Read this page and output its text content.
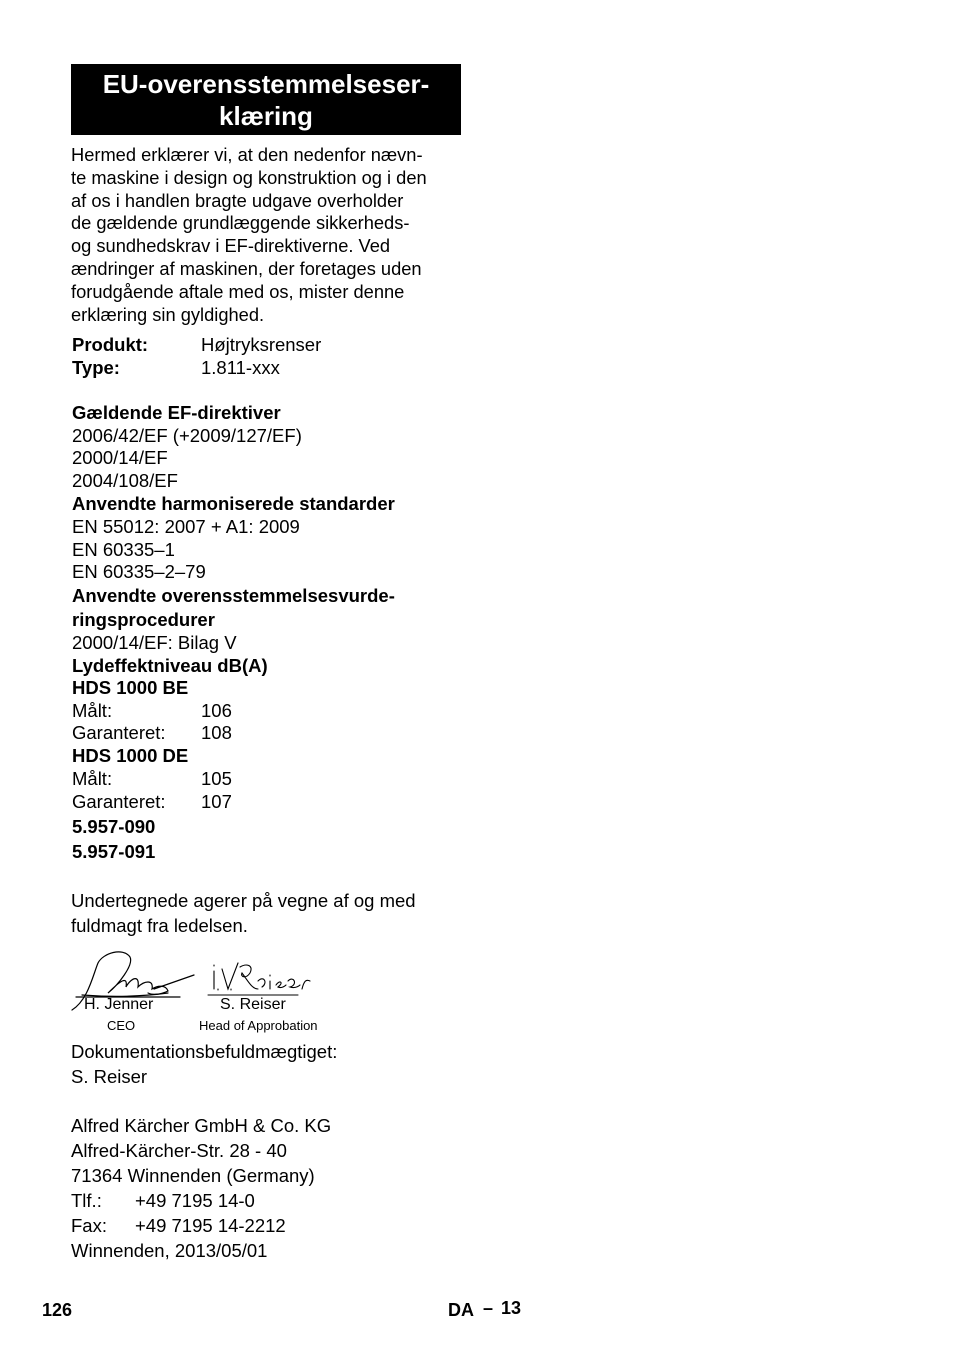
EU-overensstemmelseser-
klæring
Hermed erklærer vi, at den nedenfor nævn-
te maskine i design og konstruktion og i den
af os i handlen bragte udgave overholder
de gældende grundlæggende sikkerheds-
og sundhedskrav i EF-direktiverne. Ved
ændringer af maskinen, der foretages uden
forudgående aftale med os, mister denne
erklæring sin gyldighed.
Produkt:	Højtryksrenser
Type:	1.811-xxx
Gældende EF-direktiver
2006/42/EF (+2009/127/EF)
2000/14/EF
2004/108/EF
Anvendte harmoniserede standarder
EN 55012: 2007 + A1: 2009
EN 60335–1
EN 60335–2–79
Anvendte overensstemmelsesvurde-
ringsprocedurer
2000/14/EF: Bilag V
Lydeffektniveau dB(A)
HDS 1000 BE
Målt:	106
Garanteret: 108
HDS 1000 DE
Målt:	105
Garanteret: 107
5.957-090
5.957-091
Undertegnede agerer på vegne af og med
fuldmagt fra ledelsen.
H. Jenner
CEO
S. Reiser
Head of Approbation
Dokumentationsbefuldmægtiget:
S. Reiser
Alfred Kärcher GmbH & Co. KG
Alfred-Kärcher-Str. 28 - 40
71364 Winnenden (Germany)
Tlf.: +49 7195 14-0
Fax: +49 7195 14-2212
Winnenden, 2013/05/01
126	DA – 13
